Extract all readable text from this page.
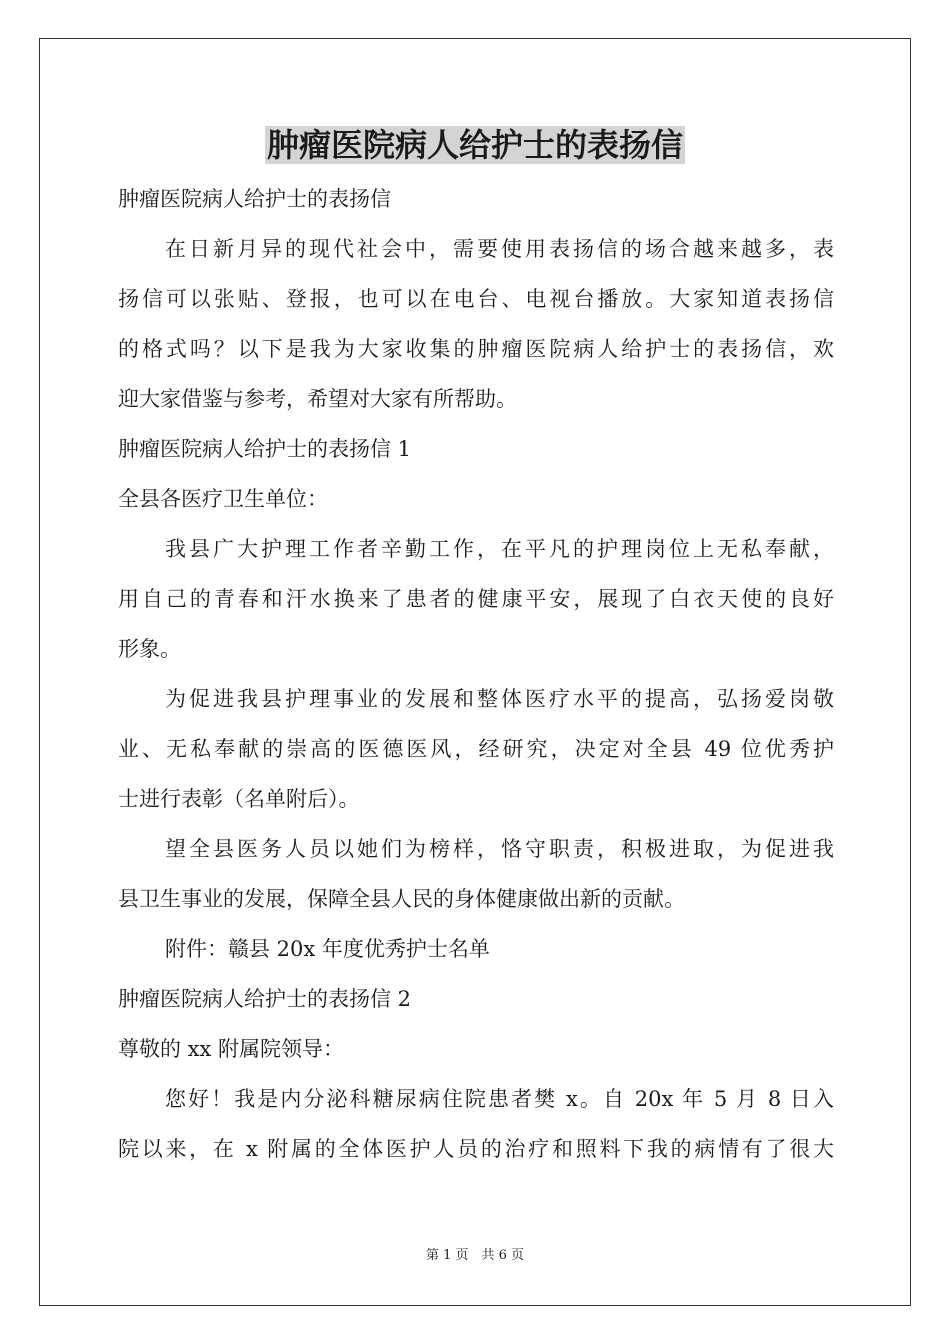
肿瘤医院病人给护士的表扬信
肿瘤医院病人给护士的表扬信
在日新月异的现代社会中，需要使用表扬信的场合越来越多，表
扬信可以张贴、登报，也可以在电台、电视台播放。大家知道表扬信
的格式吗？以下是我为大家收集的肿瘤医院病人给护士的表扬信，欢
迎大家借鉴与参考，希望对大家有所帮助。
肿瘤医院病人给护士的表扬信 1
全县各医疗卫生单位：
我县广大护理工作者辛勤工作，在平凡的护理岗位上无私奉献，
用自己的青春和汗水换来了患者的健康平安，展现了白衣天使的良好
形象。
为促进我县护理事业的发展和整体医疗水平的提高，弘扬爱岗敬
业、无私奉献的崇高的医德医风，经研究，决定对全县 49 位优秀护
士进行表彰（名单附后）。
望全县医务人员以她们为榜样，恪守职责，积极进取，为促进我
县卫生事业的发展，保障全县人民的身体健康做出新的贡献。
附件：赣县 20x 年度优秀护士名单
肿瘤医院病人给护士的表扬信 2
尊敬的 xx 附属院领导：
您好！我是内分泌科糖尿病住院患者樊 x。自 20x 年 5 月 8 日入
院以来，在 x 附属的全体医护人员的治疗和照料下我的病情有了很大
第 1 页　共 6 页
